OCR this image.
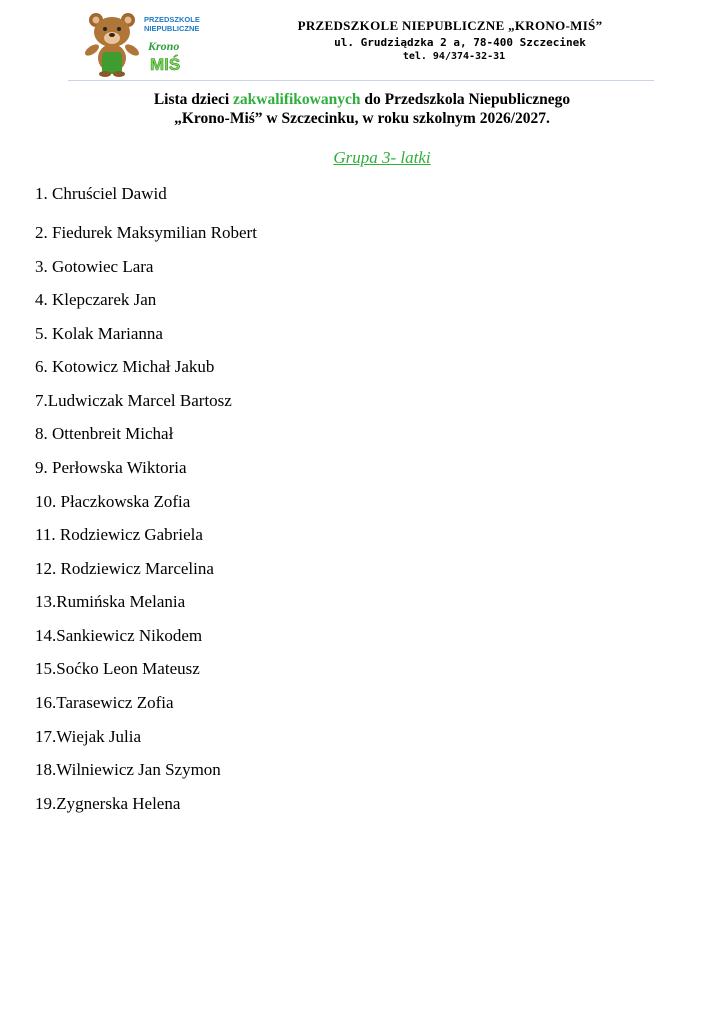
PRZEDSZKOLE
NIEPUBLICZNE
Krono
MIŚ
PRZEDSZKOLE NIEPUBLICZNE „KRONO-MIŚ”
ul. Grudziądzka 2 a, 78-400 Szczecinek
tel. 94/374-32-31
Lista dzieci zakwalifikowanych do Przedszkola Niepublicznego
„Krono-Miś” w Szczecinku, w roku szkolnym 2026/2027.
Grupa 3- latki
1. Chruściel Dawid
2. Fiedurek Maksymilian Robert
3. Gotowiec Lara
4. Klepczarek Jan
5. Kolak Marianna
6. Kotowicz Michał Jakub
7.Ludwiczak Marcel Bartosz
8. Ottenbreit Michał
9. Perłowska Wiktoria
10. Płaczkowska Zofia
11. Rodziewicz Gabriela
12. Rodziewicz Marcelina
13.Rumińska Melania
14.Sankiewicz Nikodem
15.Soćko Leon Mateusz
16.Tarasewicz Zofia
17.Wiejak Julia
18.Wilniewicz Jan Szymon
19.Zygnerska Helena
